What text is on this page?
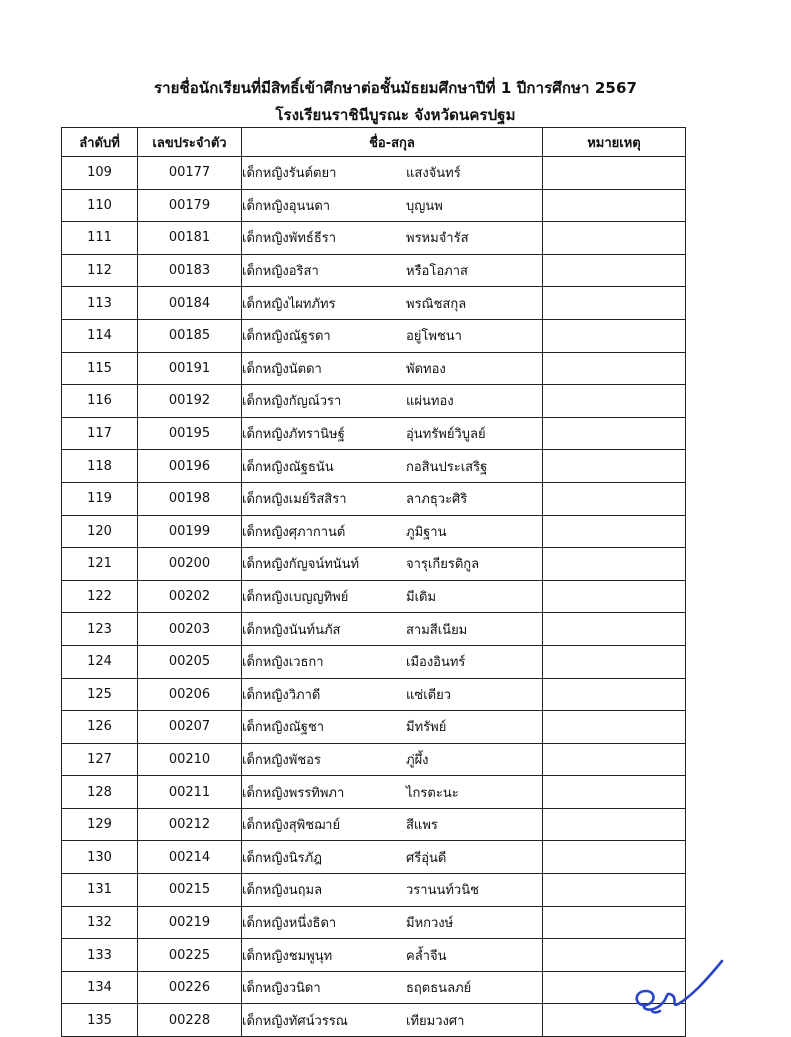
รายชื่อนักเรียนที่มีสิทธิ์เข้าศึกษาต่อชั้นมัธยมศึกษาปีที่ 1 ปีการศึกษา 2567
โรงเรียนราชินีบูรณะ จังหวัดนครปฐม
ลำดับที่	เลขประจำตัว	ชื่อ-สกุล	หมายเหตุ
109	00177	เด็กหญิงรันต์ตยา แสงจันทร์	
110	00179	เด็กหญิงอุนนดา บุญนพ	
111	00181	เด็กหญิงพัทธ์ธีรา พรหมจำรัส	
112	00183	เด็กหญิงอริสา หรือโอภาส	
113	00184	เด็กหญิงไผทภัทร พรณิชสกุล	
114	00185	เด็กหญิงณัฐรดา อยู่โพชนา	
115	00191	เด็กหญิงนัตดา พัดทอง	
116	00192	เด็กหญิงกัญณ์วรา แผ่นทอง	
117	00195	เด็กหญิงภัทรานิษฐ์ อุ่นทรัพย์วิบูลย์	
118	00196	เด็กหญิงณัฐธนัน กอสินประเสริฐ	
119	00198	เด็กหญิงเมย์ริสสิรา ลาภธุวะศิริ	
120	00199	เด็กหญิงศุภากานต์ ภูมิฐาน	
121	00200	เด็กหญิงกัญจน์ทนันท์ จารุเกียรติกูล	
122	00202	เด็กหญิงเบญญทิพย์ มีเดิม	
123	00203	เด็กหญิงนันท์นภัส สามสีเนียม	
124	00205	เด็กหญิงเวธกา เมืองอินทร์	
125	00206	เด็กหญิงวิภาดี แซ่เตียว	
126	00207	เด็กหญิงณัฐชา มีทรัพย์	
127	00210	เด็กหญิงพัชอร ภู่ผึ้ง	
128	00211	เด็กหญิงพรรทิพภา ไกรตะนะ	
129	00212	เด็กหญิงสุพิชฌาย์ สีแพร	
130	00214	เด็กหญิงนิรภัฎ ศรีอุ่นดี	
131	00215	เด็กหญิงนฤมล วรานนท์วนิช	
132	00219	เด็กหญิงหนึ่งธิดา มีหกวงษ์	
133	00225	เด็กหญิงชมพูนุท คล้ำจีน	
134	00226	เด็กหญิงวนิดา ธฤตธนลภย์	
135	00228	เด็กหญิงทัศน์วรรณ เทียมวงศา	
